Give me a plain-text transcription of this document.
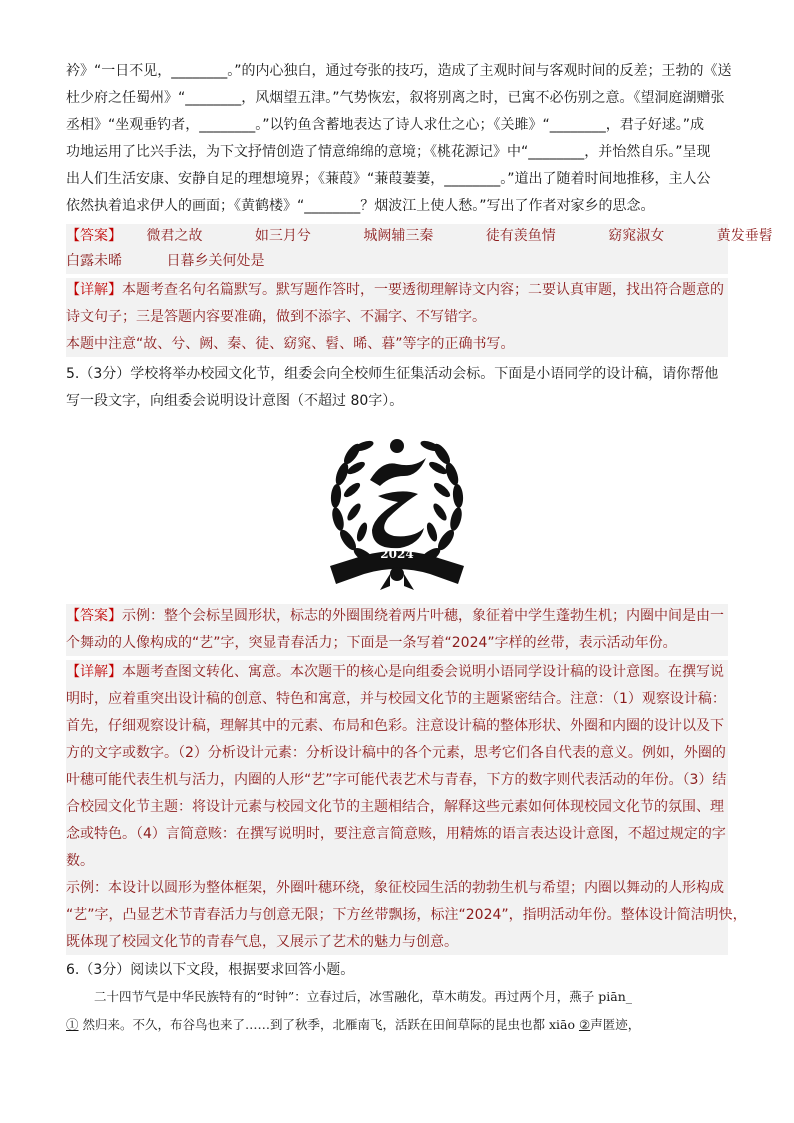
衿》“一日不见，________。”的内心独白，通过夸张的技巧，造成了主观时间与客观时间的反差；王勃的《送

杜少府之任蜀州》“________，风烟望五津。”气势恢宏，叙将别离之时，已寓不必伤别之意。《望洞庭湖赠张

丞相》“坐观垂钓者，________。”以钓鱼含蓄地表达了诗人求仕之心；《关雎》“________，君子好逑。”成

功地运用了比兴手法，为下文抒情创造了情意绵绵的意境；《桃花源记》中“________，并怡然自乐。”呈现

出人们生活安康、安静自足的理想境界；《蒹葭》“蒹葭萋萋，________。”道出了随着时间地推移，主人公

依然执着追求伊人的画面；《黄鹤楼》“________？烟波江上使人愁。”写出了作者对家乡的思念。

【答案】 微君之故	如三月兮	城阙辅三秦	徒有羡鱼情	窈窕淑女	黄发垂髫

白露未晞	日暮乡关何处是

【详解】本题考查名句名篇默写。默写题作答时，一要透彻理解诗文内容；二要认真审题，找出符合题意的

诗文句子；三是答题内容要准确，做到不添字、不漏字、不写错字。

本题中注意“故、兮、阙、秦、徒、窈窕、髫、晞、暮”等字的正确书写。

5.（3分）学校将举办校园文化节，组委会向全校师生征集活动会标。下面是小语同学的设计稿，请你帮他

写一段文字，向组委会说明设计意图（不超过 80字）。

2024

【答案】示例：整个会标呈圆形状，标志的外圈围绕着两片叶穗，象征着中学生蓬勃生机；内圈中间是由一

个舞动的人像构成的“艺”字，突显青春活力；下面是一条写着“2024”字样的丝带，表示活动年份。

【详解】本题考查图文转化、寓意。本次题干的核心是向组委会说明小语同学设计稿的设计意图。在撰写说

明时，应着重突出设计稿的创意、特色和寓意，并与校园文化节的主题紧密结合。注意：（1）观察设计稿：

首先，仔细观察设计稿，理解其中的元素、布局和色彩。注意设计稿的整体形状、外圈和内圈的设计以及下

方的文字或数字。（2）分析设计元素：分析设计稿中的各个元素，思考它们各自代表的意义。例如，外圈的

叶穗可能代表生机与活力，内圈的人形“艺”字可能代表艺术与青春，下方的数字则代表活动的年份。（3）结

合校园文化节主题：将设计元素与校园文化节的主题相结合，解释这些元素如何体现校园文化节的氛围、理

念或特色。（4）言简意赅：在撰写说明时，要注意言简意赅，用精炼的语言表达设计意图，不超过规定的字

数。

示例：本设计以圆形为整体框架，外圈叶穗环绕，象征校园生活的勃勃生机与希望；内圈以舞动的人形构成

“艺”字，凸显艺术节青春活力与创意无限；下方丝带飘扬，标注“2024”，指明活动年份。整体设计简洁明快，

既体现了校园文化节的青春气息，又展示了艺术的魅力与创意。

6.（3分）阅读以下文段，根据要求回答小题。

二十四节气是中华民族特有的“时钟”：立春过后，冰雪融化，草木萌发。再过两个月，燕子 piān_

① 然归来。不久，布谷鸟也来了……到了秋季，北雁南飞，活跃在田间草际的昆虫也都 xiāo ②声匿迹，
